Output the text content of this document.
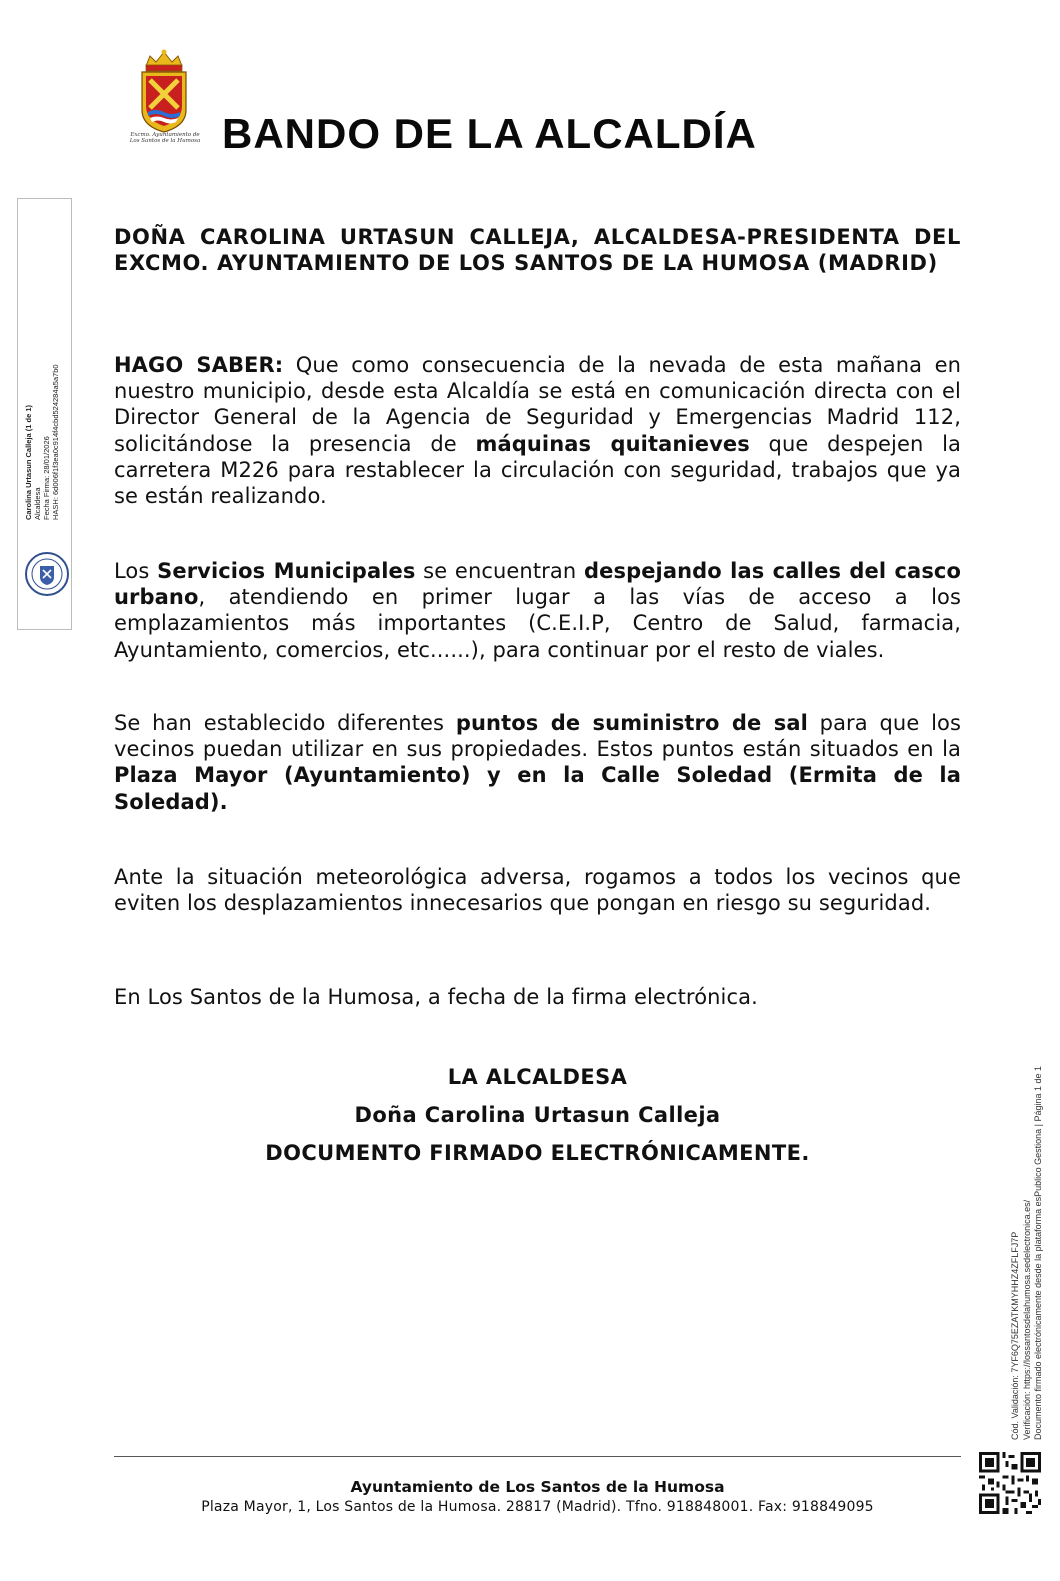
Excmo. Ayuntamiento de
Los Santos de la Humosa BANDO DE LA ALCALDÍA
Carolina Urtasun Calleja (1 de 1) Alcaldesa Fecha Firma: 28/01/2026 HASH: 6d006f1f3ea0c914f4cbd524284a5a7b0

DOÑA CAROLINA URTASUN CALLEJA, ALCALDESA-PRESIDENTA DEL EXCMO. AYUNTAMIENTO DE LOS SANTOS DE LA HUMOSA (MADRID)

HAGO SABER: Que como consecuencia de la nevada de esta mañana en nuestro municipio, desde esta Alcaldía se está en comunicación directa con el Director General de la Agencia de Seguridad y Emergencias Madrid 112, solicitándose la presencia de máquinas quitanieves que despejen la carretera M226 para restablecer la circulación con seguridad, trabajos que ya se están realizando.

Los Servicios Municipales se encuentran despejando las calles del casco urbano, atendiendo en primer lugar a las vías de acceso a los emplazamientos más importantes (C.E.I.P, Centro de Salud, farmacia, Ayuntamiento, comercios, etc......), para continuar por el resto de viales.

Se han establecido diferentes puntos de suministro de sal para que los vecinos puedan utilizar en sus propiedades. Estos puntos están situados en la Plaza Mayor (Ayuntamiento) y en la Calle Soledad (Ermita de la Soledad).

Ante la situación meteorológica adversa, rogamos a todos los vecinos que eviten los desplazamientos innecesarios que pongan en riesgo su seguridad.

En Los Santos de la Humosa, a fecha de la firma electrónica.

LA ALCALDESA
Doña Carolina Urtasun Calleja
DOCUMENTO FIRMADO ELECTRÓNICAMENTE.
Cód. Validación: 7YF6Q75EZATKMYHHZ4ZFLFJ7P Verificación: https://lossantosdelahumosa.sedelectronica.es/ Documento firmado electrónicamente desde la plataforma esPublico Gestiona | Página 1 de 1
Ayuntamiento de Los Santos de la Humosa
Plaza Mayor, 1, Los Santos de la Humosa. 28817 (Madrid). Tfno. 918848001. Fax: 918849095
